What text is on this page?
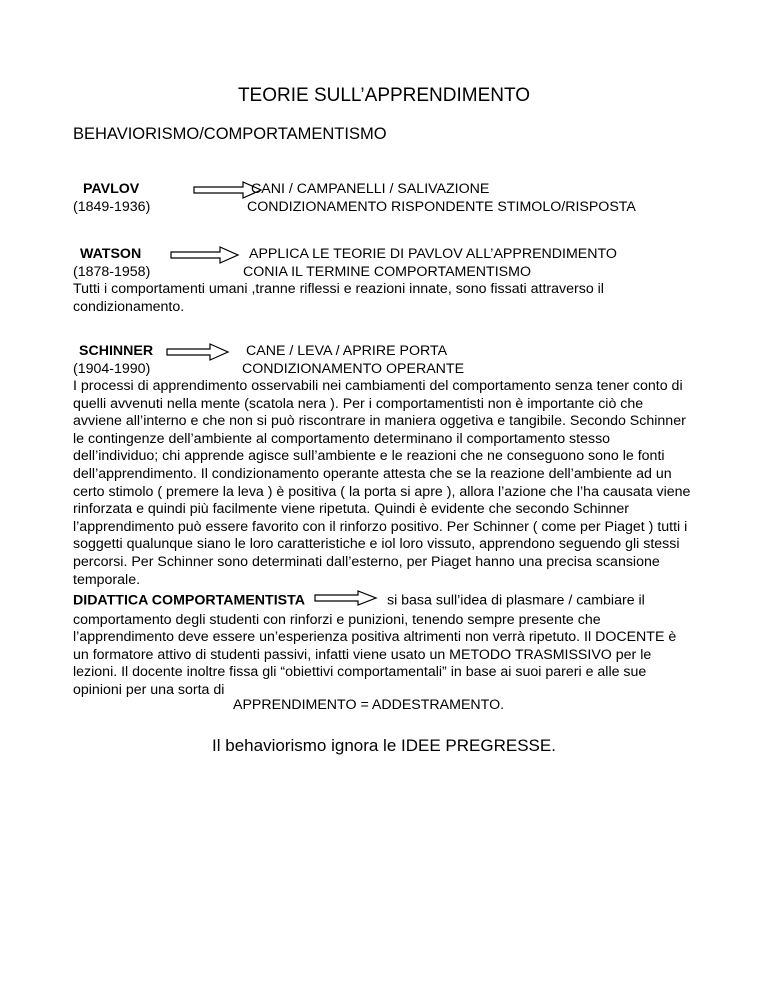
TEORIE SULL’APPRENDIMENTO
BEHAVIORISMO/COMPORTAMENTISMO
PAVLOV
(1849-1936)
CANI / CAMPANELLI / SALIVAZIONE
CONDIZIONAMENTO RISPONDENTE STIMOLO/RISPOSTA
WATSON
(1878-1958)
APPLICA LE TEORIE DI PAVLOV ALL’APPRENDIMENTO
CONIA IL TERMINE COMPORTAMENTISMO

Tutti i comportamenti umani ,tranne riflessi e reazioni innate, sono fissati attraverso il condizionamento.

SCHINNER
(1904-1990)
CANE / LEVA / APRIRE PORTA
CONDIZIONAMENTO OPERANTE

I processi di apprendimento osservabili nei cambiamenti del comportamento senza tener conto di quelli avvenuti nella mente (scatola nera ). Per i comportamentisti non è importante ciò che avviene all’interno e che non si può riscontrare in maniera oggetiva e tangibile. Secondo Schinner le contingenze dell’ambiente al comportamento determinano il comportamento stesso dell’individuo; chi apprende agisce sull’ambiente e le reazioni che ne conseguono sono le fonti dell’apprendimento. Il condizionamento operante attesta che se la reazione dell’ambiente ad un certo stimolo ( premere la leva ) è positiva ( la porta si apre ), allora l’azione che l’ha causata viene rinforzata e quindi più facilmente viene ripetuta. Quindi è evidente che secondo Schinner l’apprendimento può essere favorito con il rinforzo positivo. Per Schinner ( come per Piaget ) tutti i soggetti qualunque siano le loro caratteristiche e iol loro vissuto, apprendono seguendo gli stessi percorsi. Per Schinner sono determinati dall’esterno, per Piaget hanno una precisa scansione temporale.

DIDATTICA COMPORTAMENTISTA	si basa sull’idea di plasmare / cambiare il comportamento degli studenti con rinforzi e punizioni, tenendo sempre presente che l’apprendimento deve essere un’esperienza positiva altrimenti non verrà ripetuto. Il DOCENTE è un formatore attivo di studenti passivi, infatti viene usato un METODO TRASMISSIVO per le lezioni. Il docente inoltre fissa gli “obiettivi comportamentali” in base ai suoi pareri e alle sue opinioni per una sorta di

APPRENDIMENTO = ADDESTRAMENTO.
Il behaviorismo ignora le IDEE PREGRESSE.
